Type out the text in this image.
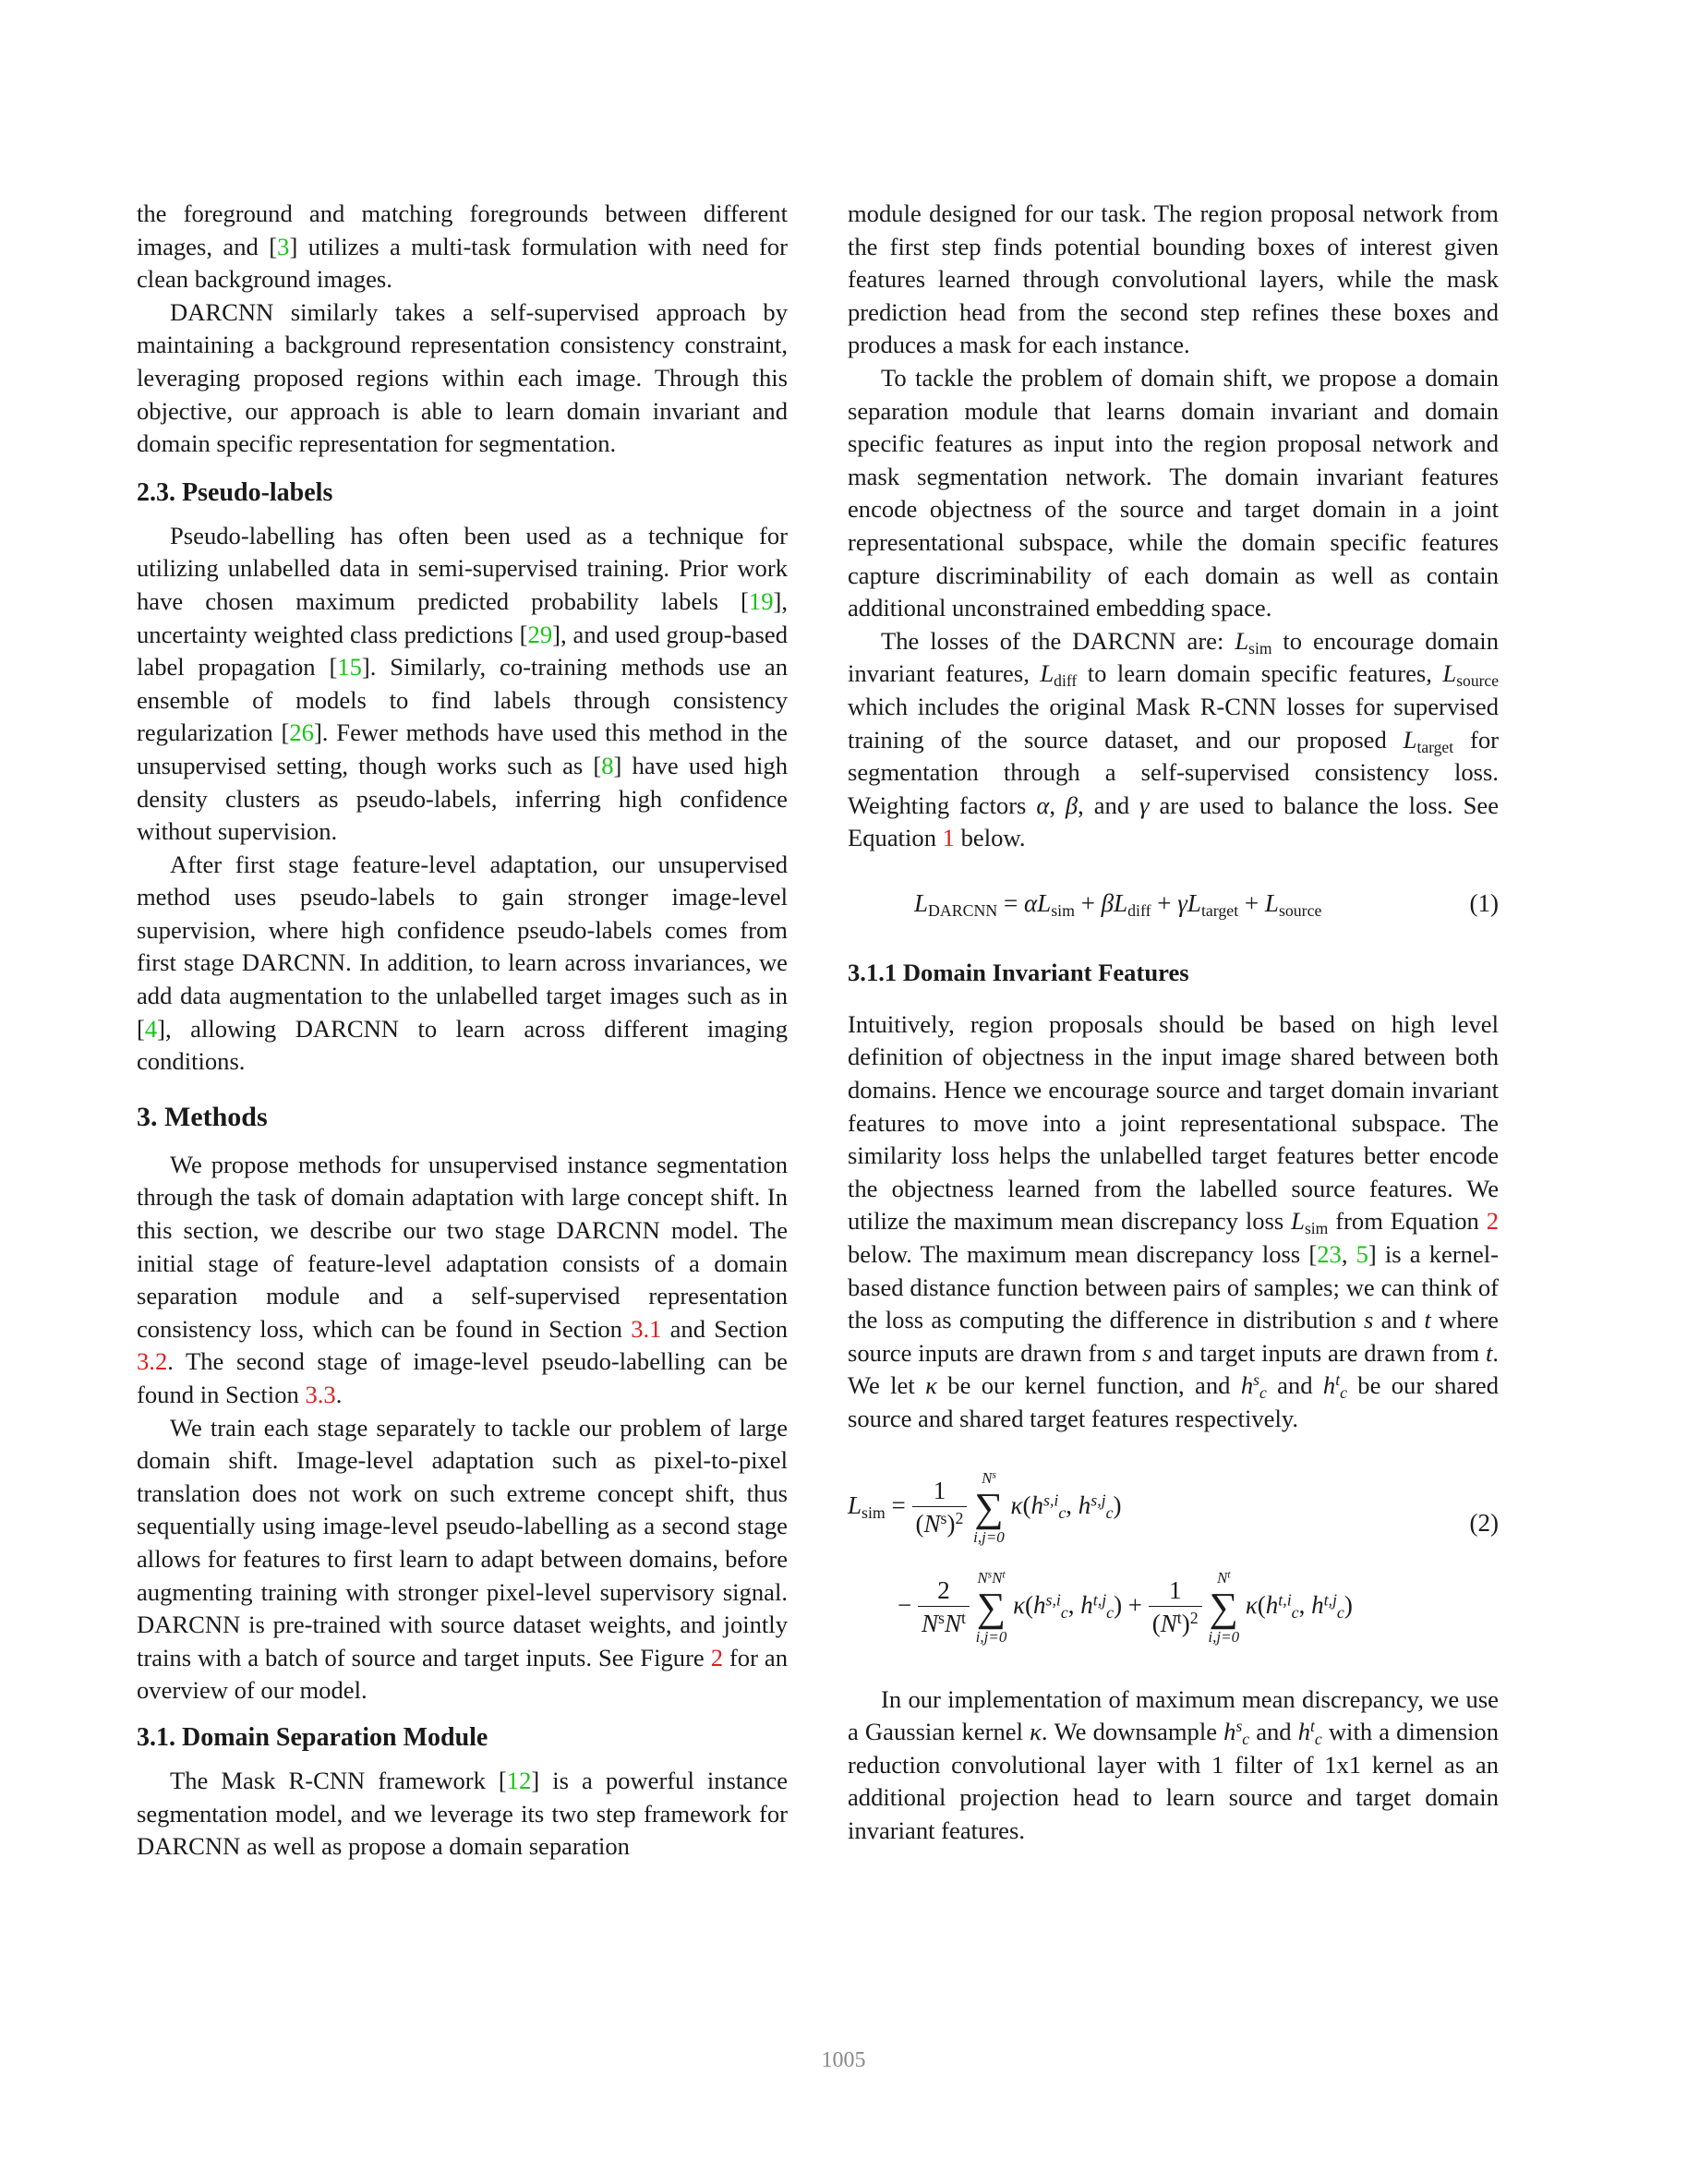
the foreground and matching foregrounds between different images, and [3] utilizes a multi-task formulation with need for clean background images.

DARCNN similarly takes a self-supervised approach by maintaining a background representation consistency constraint, leveraging proposed regions within each image. Through this objective, our approach is able to learn domain invariant and domain specific representation for segmentation.

2.3. Pseudo-labels

Pseudo-labelling has often been used as a technique for utilizing unlabelled data in semi-supervised training. Prior work have chosen maximum predicted probability labels [19], uncertainty weighted class predictions [29], and used group-based label propagation [15]. Similarly, co-training methods use an ensemble of models to find labels through consistency regularization [26]. Fewer methods have used this method in the unsupervised setting, though works such as [8] have used high density clusters as pseudo-labels, inferring high confidence without supervision.

After first stage feature-level adaptation, our unsupervised method uses pseudo-labels to gain stronger image-level supervision, where high confidence pseudo-labels comes from first stage DARCNN. In addition, to learn across invariances, we add data augmentation to the unlabelled target images such as in [4], allowing DARCNN to learn across different imaging conditions.

3. Methods

We propose methods for unsupervised instance segmentation through the task of domain adaptation with large concept shift. In this section, we describe our two stage DARCNN model. The initial stage of feature-level adaptation consists of a domain separation module and a self-supervised representation consistency loss, which can be found in Section 3.1 and Section 3.2. The second stage of image-level pseudo-labelling can be found in Section 3.3.

We train each stage separately to tackle our problem of large domain shift. Image-level adaptation such as pixel-to-pixel translation does not work on such extreme concept shift, thus sequentially using image-level pseudo-labelling as a second stage allows for features to first learn to adapt between domains, before augmenting training with stronger pixel-level supervisory signal. DARCNN is pre-trained with source dataset weights, and jointly trains with a batch of source and target inputs. See Figure 2 for an overview of our model.

3.1. Domain Separation Module

The Mask R-CNN framework [12] is a powerful instance segmentation model, and we leverage its two step framework for DARCNN as well as propose a domain separation

module designed for our task. The region proposal network from the first step finds potential bounding boxes of interest given features learned through convolutional layers, while the mask prediction head from the second step refines these boxes and produces a mask for each instance.

To tackle the problem of domain shift, we propose a domain separation module that learns domain invariant and domain specific features as input into the region proposal network and mask segmentation network. The domain invariant features encode objectness of the source and target domain in a joint representational subspace, while the domain specific features capture discriminability of each domain as well as contain additional unconstrained embedding space.

The losses of the DARCNN are: $L_{sim}$ to encourage domain invariant features, $L_{diff}$ to learn domain specific features, $L_{source}$ which includes the original Mask R-CNN losses for supervised training of the source dataset, and our proposed $L_{target}$ for segmentation through a self-supervised consistency loss. Weighting factors α, β, and γ are used to balance the loss. See Equation 1 below.

$L_{DARCNN} = \alpha L_{sim} + \beta L_{diff} + \gamma L_{target} + L_{source}$	(1)
3.1.1 Domain Invariant Features

Intuitively, region proposals should be based on high level definition of objectness in the input image shared between both domains. Hence we encourage source and target domain invariant features to move into a joint representational subspace. The similarity loss helps the unlabelled target features better encode the objectness learned from the labelled source features. We utilize the maximum mean discrepancy loss $L_{sim}$ from Equation 2 below. The maximum mean discrepancy loss [23, 5] is a kernel-based distance function between pairs of samples; we can think of the loss as computing the difference in distribution s and t where source inputs are drawn from s and target inputs are drawn from t. We let κ be our kernel function, and $h^s_c$ and $h^t_c$ be our shared source and shared target features respectively.

$L_{sim} = \frac{1}{(N^s)^2}$
$N^s$
∑
i,j=0
$\kappa(h^{s,i}_c$, $h^{s,j}_c$)
(2)
− $\frac{2}{N^sN^t}$
$N^sN^t$
∑
i,j=0
$\kappa(h^{s,i}_c$, $h^{t,j}_c) + \frac{1}{(N^t)^2}$
$N^t$
∑
i,j=0
$\kappa(h^{t,i}_c$, $h^{t,j}_c$)

In our implementation of maximum mean discrepancy, we use a Gaussian kernel κ. We downsample $h^s_c$ and $h^t_c$ with a dimension reduction convolutional layer with 1 filter of 1x1 kernel as an additional projection head to learn source and target domain invariant features.

1005
